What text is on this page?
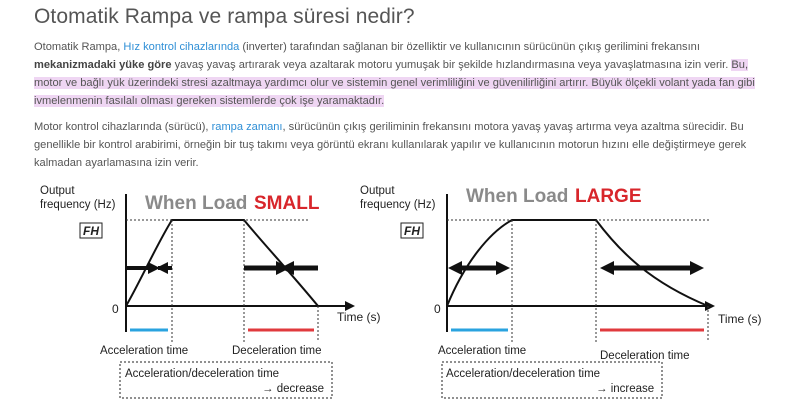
Otomatik Rampa ve rampa süresi nedir?
Otomatik Rampa, Hız kontrol cihazlarında (inverter) tarafından sağlanan bir özelliktir ve kullanıcının sürücünün çıkış gerilimini frekansını mekanizmadaki yüke göre yavaş yavaş artırarak veya azaltarak motoru yumuşak bir şekilde hızlandırmasına veya yavaşlatmasına izin verir. Bu, motor ve bağlı yük üzerindeki stresi azaltmaya yardımcı olur ve sistemin genel verimliliğini ve güvenilirliğini artırır. Büyük ölçekli volant yada fan gibi ivmelenmenin fasılalı olması gereken sistemlerde çok işe yaramaktadır.
Motor kontrol cihazlarında (sürücü), rampa zamanı, sürücünün çıkış geriliminin frekansını motora yavaş yavaş artırma veya azaltma sürecidir. Bu genellikle bir kontrol arabirimi, örneğin bir tuş takımı veya görüntü ekranı kullanılarak yapılır ve kullanıcının motorun hızını elle değiştirmeye gerek kalmadan ayarlamasına izin verir.
Output
frequency (Hz)
FH
When Load SMALL
0
Time (s)
Acceleration time	Deceleration time
Acceleration/deceleration time
→ decrease
Output
frequency (Hz)
FH
When Load LARGE
0
Time (s)
Acceleration time	Deceleration time
Acceleration/deceleration time
→ increase
